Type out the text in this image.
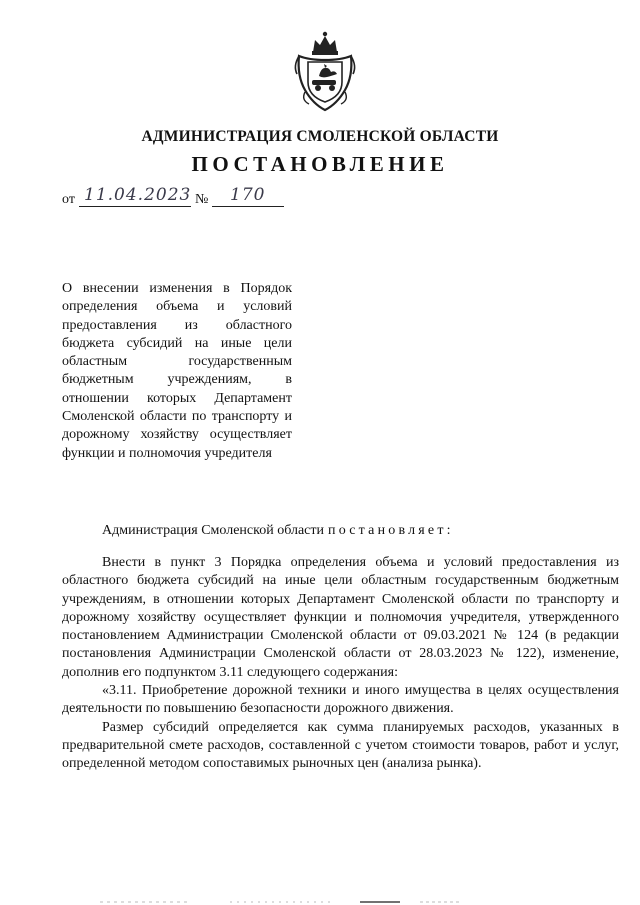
АДМИНИСТРАЦИЯ СМОЛЕНСКОЙ ОБЛАСТИ
ПОСТАНОВЛЕНИЕ
от 11.04.2023 № 170

О внесении изменения в Порядок определения объема и условий предоставления из областного бюджета субсидий на иные цели областным государственным бюджетным учреждениям, в отношении которых Департамент Смоленской области по транспорту и дорожному хозяйству осуществляет функции и полномочия учредителя

Администрация Смоленской области постановляет:

Внести в пункт 3 Порядка определения объема и условий предоставления из областного бюджета субсидий на иные цели областным государственным бюджетным учреждениям, в отношении которых Департамент Смоленской области по транспорту и дорожному хозяйству осуществляет функции и полномочия учредителя, утвержденного постановлением Администрации Смоленской области от 09.03.2021 № 124 (в редакции постановления Администрации Смоленской области от 28.03.2023 № 122), изменение, дополнив его подпунктом 3.11 следующего содержания:

«3.11. Приобретение дорожной техники и иного имущества в целях осуществления деятельности по повышению безопасности дорожного движения.

Размер субсидий определяется как сумма планируемых расходов, указанных в предварительной смете расходов, составленной с учетом стоимости товаров, работ и услуг, определенной методом сопоставимых рыночных цен (анализа рынка).
